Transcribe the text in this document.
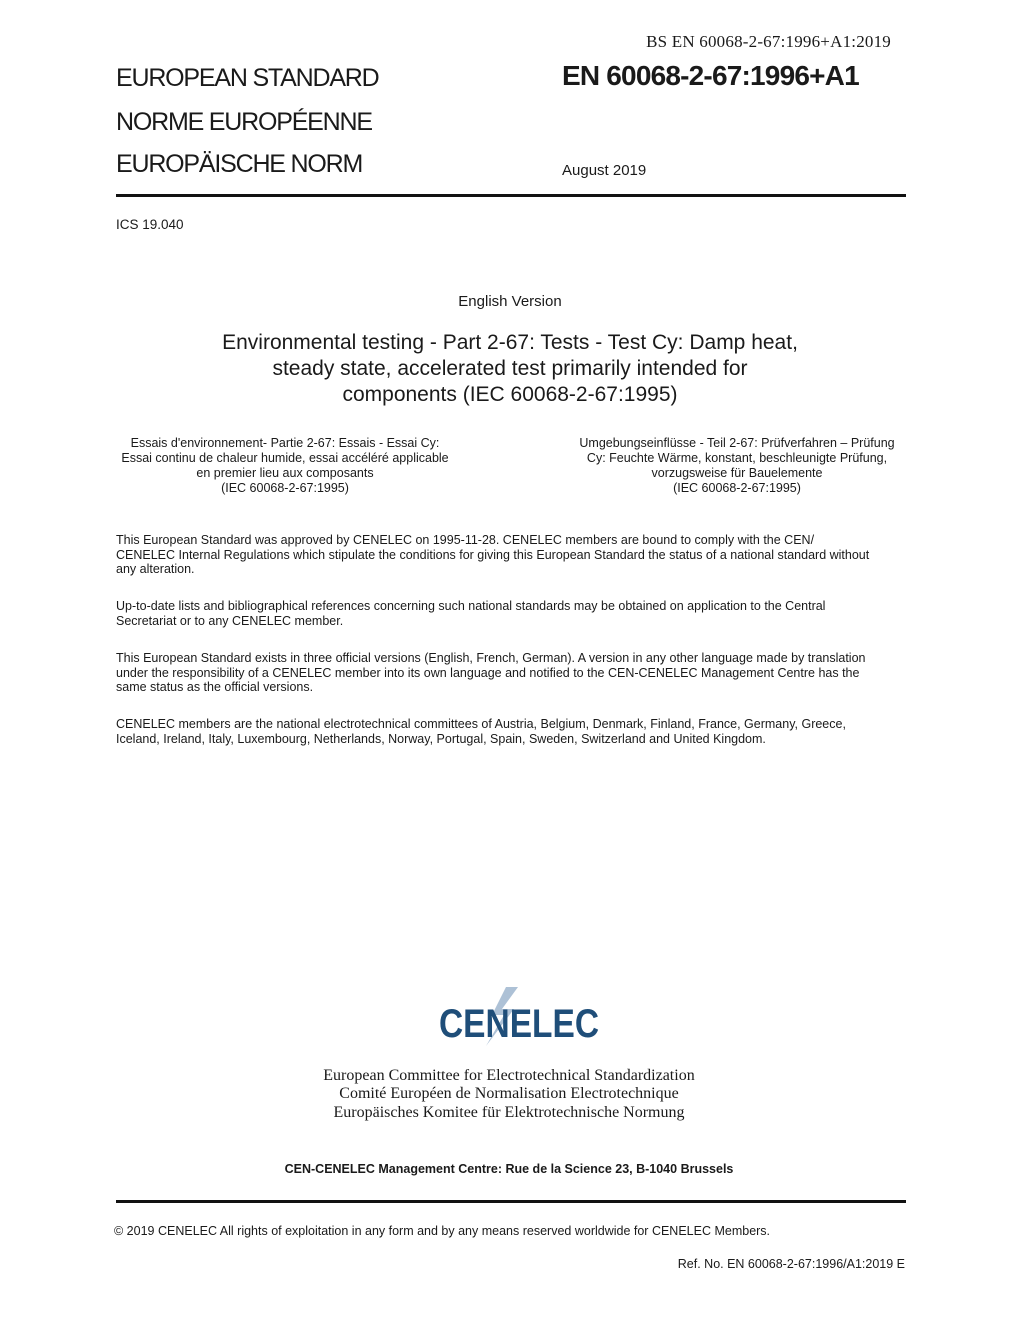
BS EN 60068-2-67:1996+A1:2019
EUROPEAN STANDARD
NORME EUROPÉENNE
EUROPÄISCHE NORM
EN 60068-2-67:1996+A1
August 2019
ICS 19.040
English Version
Environmental testing - Part 2-67: Tests - Test Cy: Damp heat,
steady state, accelerated test primarily intended for
components (IEC 60068-2-67:1995)
Essais d'environnement- Partie 2-67: Essais - Essai Cy:
Essai continu de chaleur humide, essai accéléré applicable
en premier lieu aux composants
(IEC 60068-2-67:1995)
Umgebungseinflüsse - Teil 2-67: Prüfverfahren – Prüfung
Cy: Feuchte Wärme, konstant, beschleunigte Prüfung,
vorzugsweise für Bauelemente
(IEC 60068-2-67:1995)
This European Standard was approved by CENELEC on 1995-11-28. CENELEC members are bound to comply with the CEN/
CENELEC Internal Regulations which stipulate the conditions for giving this European Standard the status of a national standard without
any alteration.
Up-to-date lists and bibliographical references concerning such national standards may be obtained on application to the Central
Secretariat or to any CENELEC member.
This European Standard exists in three official versions (English, French, German). A version in any other language made by translation
under the responsibility of a CENELEC member into its own language and notified to the CEN-CENELEC Management Centre has the
same status as the official versions.
CENELEC members are the national electrotechnical committees of Austria, Belgium, Denmark, Finland, France, Germany, Greece,
Iceland, Ireland, Italy, Luxembourg, Netherlands, Norway, Portugal, Spain, Sweden, Switzerland and United Kingdom.
CENELEC
European Committee for Electrotechnical Standardization
Comité Européen de Normalisation Electrotechnique
Europäisches Komitee für Elektrotechnische Normung
CEN-CENELEC Management Centre: Rue de la Science 23, B-1040 Brussels
© 2019 CENELEC All rights of exploitation in any form and by any means reserved worldwide for CENELEC Members.
Ref. No. EN 60068-2-67:1996/A1:2019 E
